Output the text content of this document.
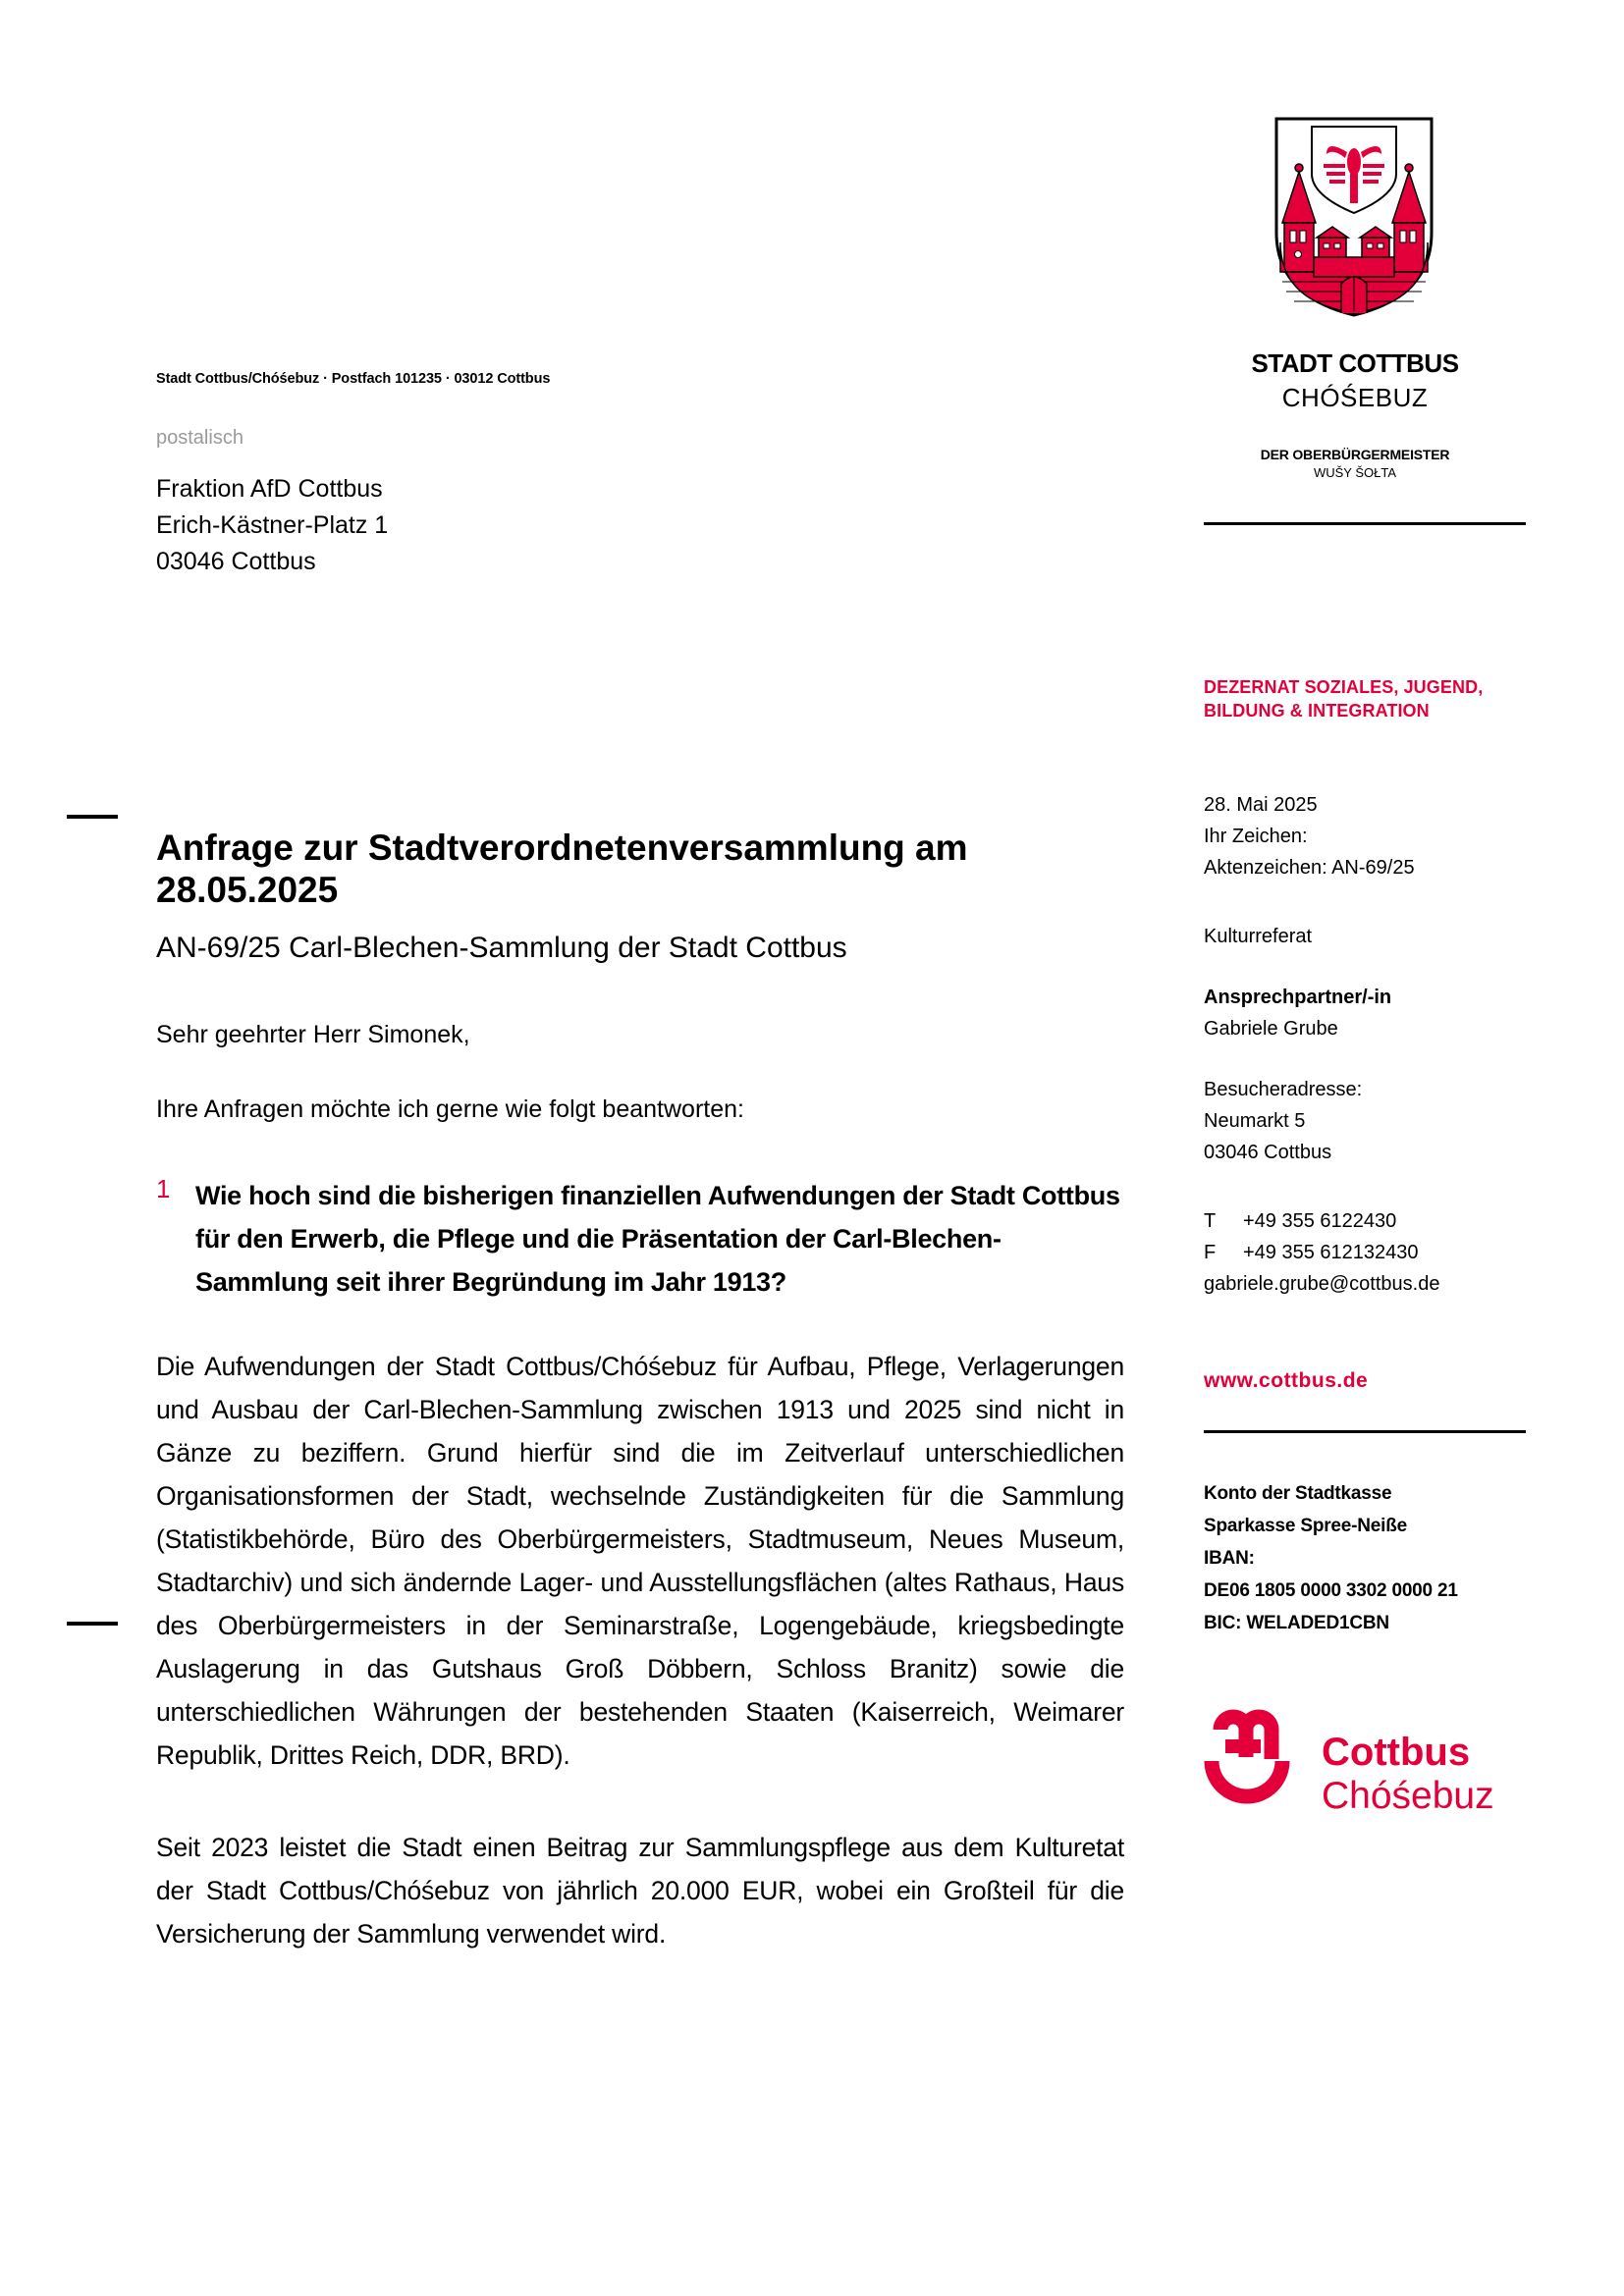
Stadt Cottbus/Chóśebuz · Postfach 101235 · 03012 Cottbus
postalisch
Fraktion AfD Cottbus
Erich-Kästner-Platz 1
03046 Cottbus
STADT COTTBUS
CHÓŚEBUZ
DER OBERBÜRGERMEISTER
WUŠY ŠOŁTA
DEZERNAT SOZIALES, JUGEND,
BILDUNG & INTEGRATION
28. Mai 2025
Ihr Zeichen:
Aktenzeichen: AN-69/25
Kulturreferat
Ansprechpartner/-in
Gabriele Grube
Besucheradresse:
Neumarkt 5
03046 Cottbus
T +49 355 6122430
F +49 355 612132430
gabriele.grube@cottbus.de
www.cottbus.de
Konto der Stadtkasse
Sparkasse Spree-Neiße
IBAN:
DE06 1805 0000 3302 0000 21
BIC: WELADED1CBN
Cottbus
Chóśebuz
Anfrage zur Stadtverordnetenversammlung am 28.05.2025
AN-69/25 Carl-Blechen-Sammlung der Stadt Cottbus
Sehr geehrter Herr Simonek,
Ihre Anfragen möchte ich gerne wie folgt beantworten:
1 Wie hoch sind die bisherigen finanziellen Aufwendungen der Stadt Cottbus für den Erwerb, die Pflege und die Präsentation der Carl-Blechen-Sammlung seit ihrer Begründung im Jahr 1913?
Die Aufwendungen der Stadt Cottbus/Chóśebuz für Aufbau, Pflege, Verlagerungen und Ausbau der Carl-Blechen-Sammlung zwischen 1913 und 2025 sind nicht in Gänze zu beziffern. Grund hierfür sind die im Zeitverlauf unterschiedlichen Organisationsformen der Stadt, wechselnde Zuständigkeiten für die Sammlung (Statistikbehörde, Büro des Oberbürgermeisters, Stadtmuseum, Neues Museum, Stadtarchiv) und sich ändernde Lager- und Ausstellungsflächen (altes Rathaus, Haus des Oberbürgermeisters in der Seminarstraße, Logengebäude, kriegsbedingte Auslagerung in das Gutshaus Groß Döbbern, Schloss Branitz) sowie die unterschiedlichen Währungen der bestehenden Staaten (Kaiserreich, Weimarer Republik, Drittes Reich, DDR, BRD).
Seit 2023 leistet die Stadt einen Beitrag zur Sammlungspflege aus dem Kulturetat der Stadt Cottbus/Chóśebuz von jährlich 20.000 EUR, wobei ein Großteil für die Versicherung der Sammlung verwendet wird.
